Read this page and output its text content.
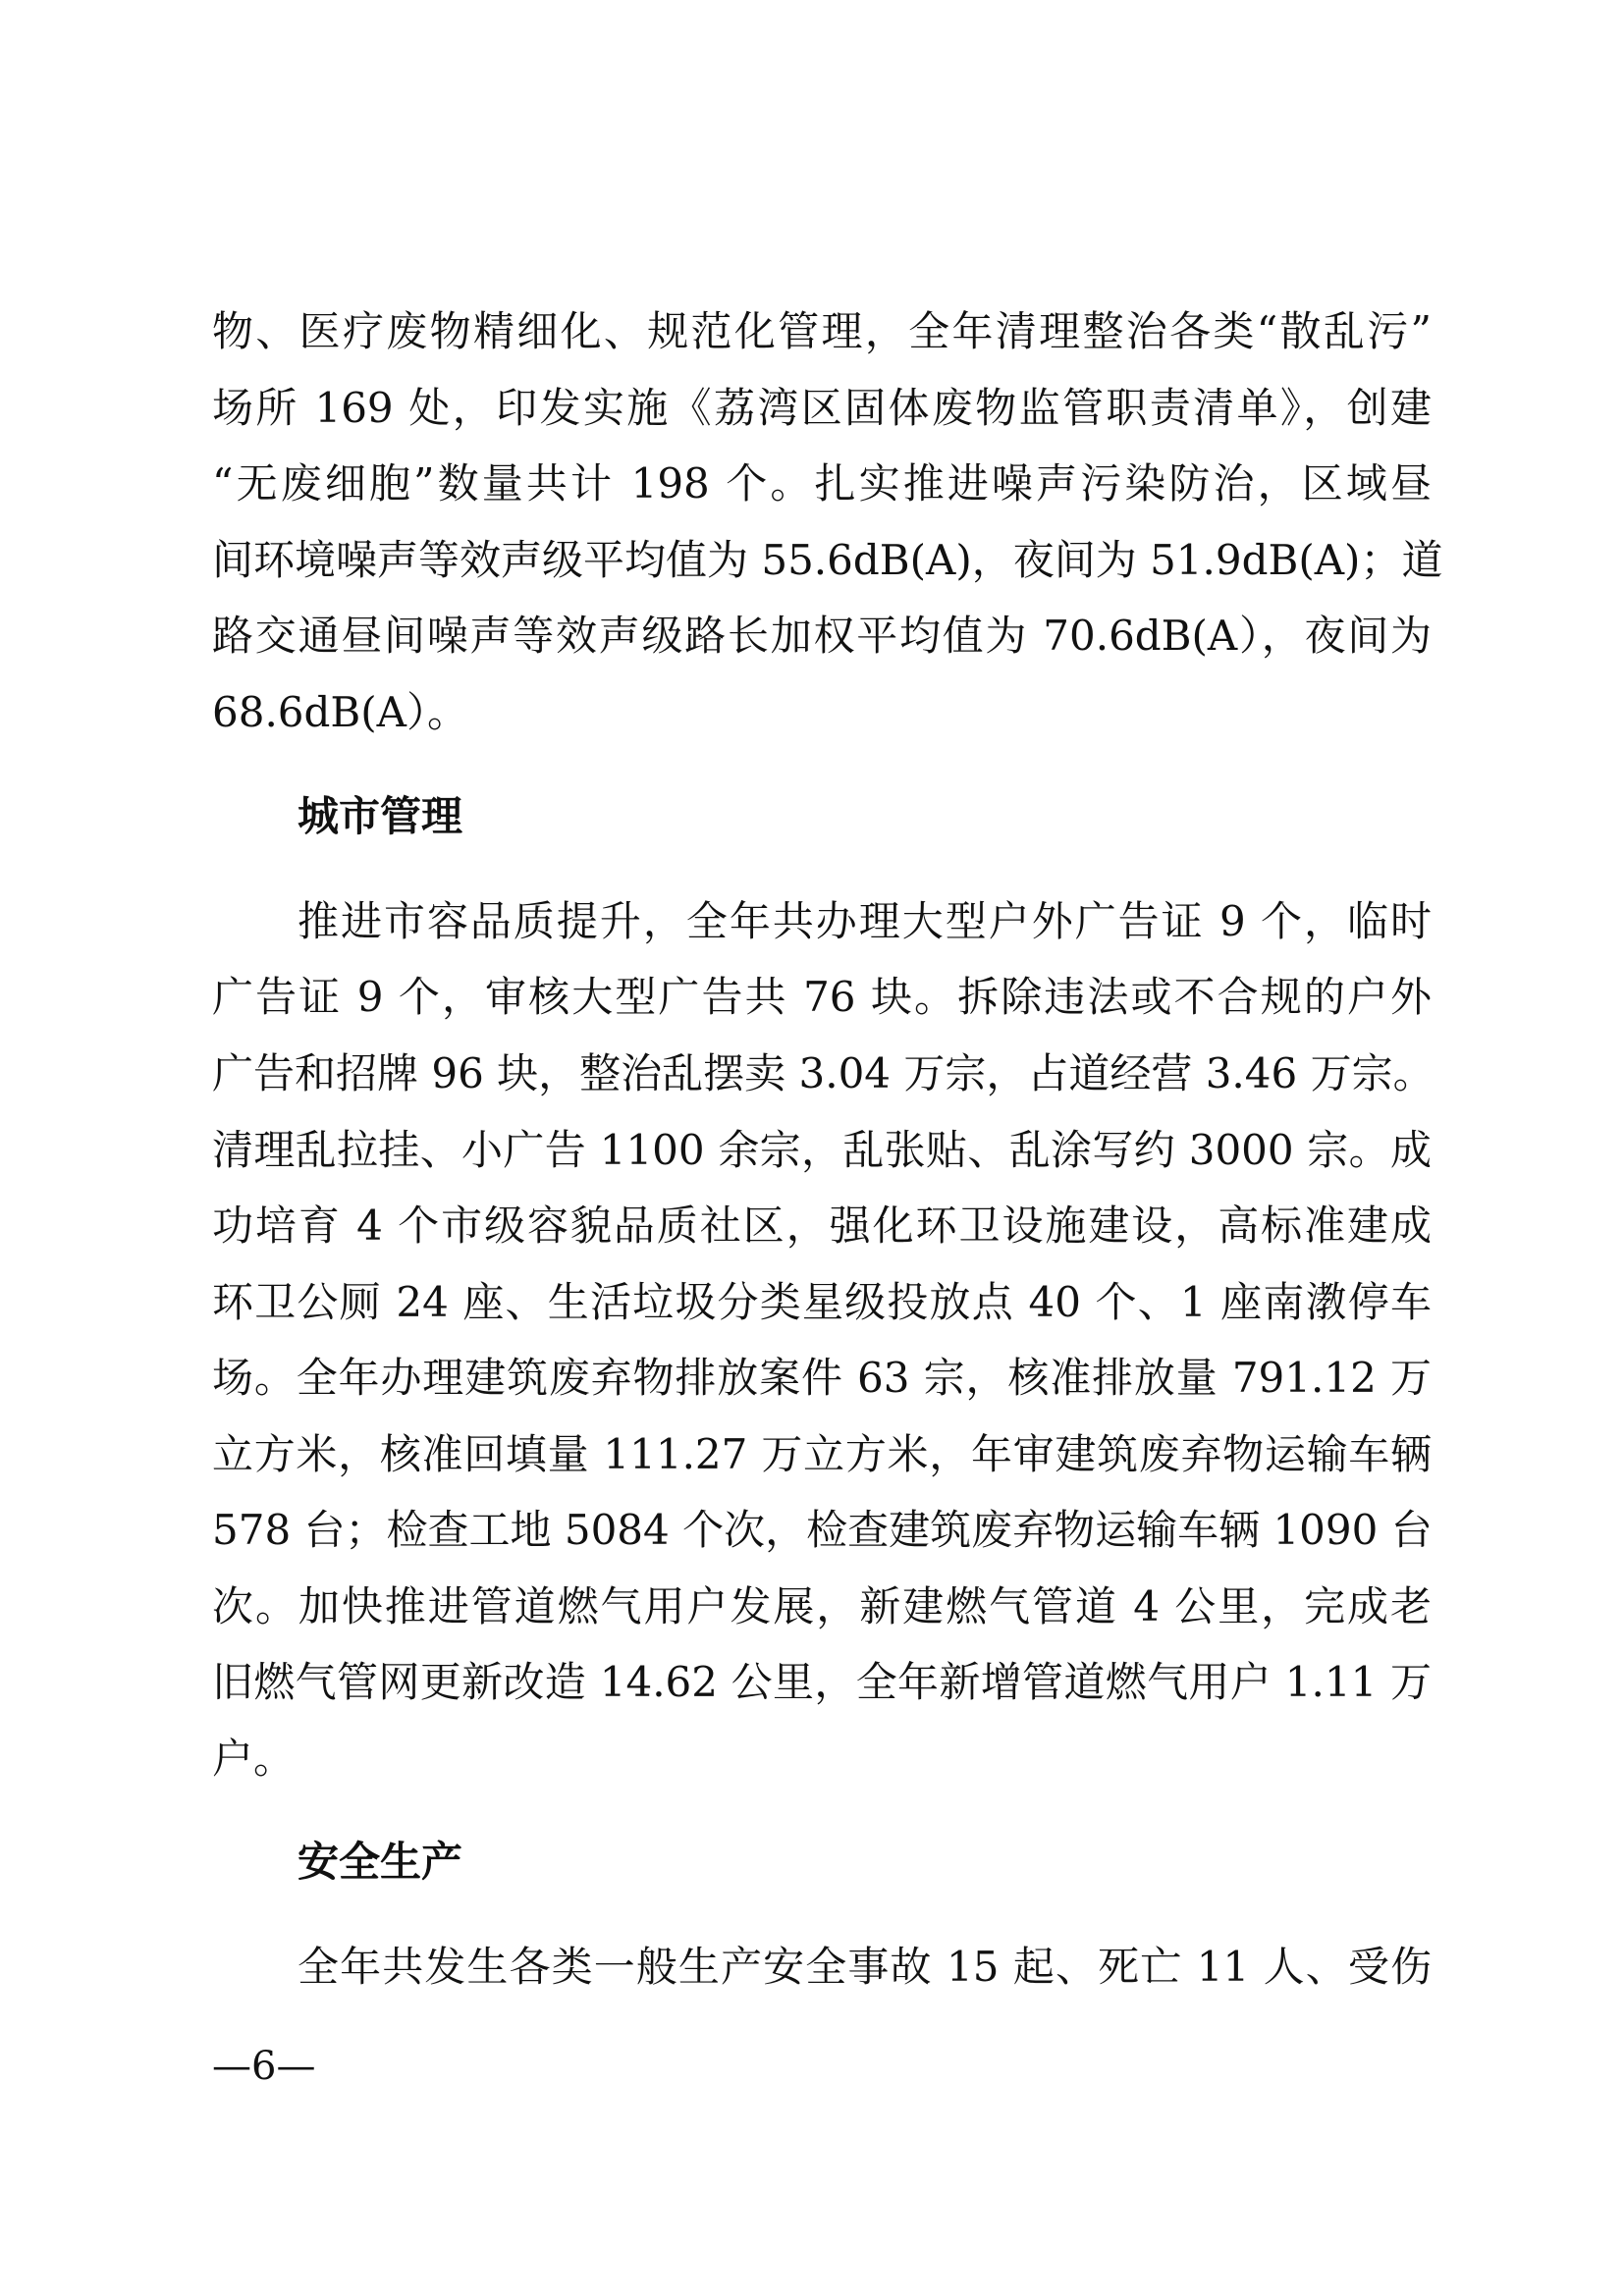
物、医疗废物精细化、规范化管理，全年清理整治各类“散乱污”
场所 169 处，印发实施《荔湾区固体废物监管职责清单》，创建
“无废细胞”数量共计 198 个。扎实推进噪声污染防治，区域昼
间环境噪声等效声级平均值为 55.6dB(A)，夜间为 51.9dB(A)；道
路交通昼间噪声等效声级路长加权平均值为 70.6dB(A），夜间为
68.6dB(A）。
城市管理
推进市容品质提升，全年共办理大型户外广告证 9 个，临时
广告证 9 个，审核大型广告共 76 块。拆除违法或不合规的户外
广告和招牌 96 块，整治乱摆卖 3.04 万宗，占道经营 3.46 万宗。
清理乱拉挂、小广告 1100 余宗，乱张贴、乱涂写约 3000 宗。成
功培育 4 个市级容貌品质社区，强化环卫设施建设，高标准建成
环卫公厕 24 座、生活垃圾分类星级投放点 40 个、1 座南漖停车
场。全年办理建筑废弃物排放案件 63 宗，核准排放量 791.12 万
立方米，核准回填量 111.27 万立方米，年审建筑废弃物运输车辆
578 台；检查工地 5084 个次，检查建筑废弃物运输车辆 1090 台
次。加快推进管道燃气用户发展，新建燃气管道 4 公里，完成老
旧燃气管网更新改造 14.62 公里，全年新增管道燃气用户 1.11 万
户。
安全生产
全年共发生各类一般生产安全事故 15 起、死亡 11 人、受伤
—6—
